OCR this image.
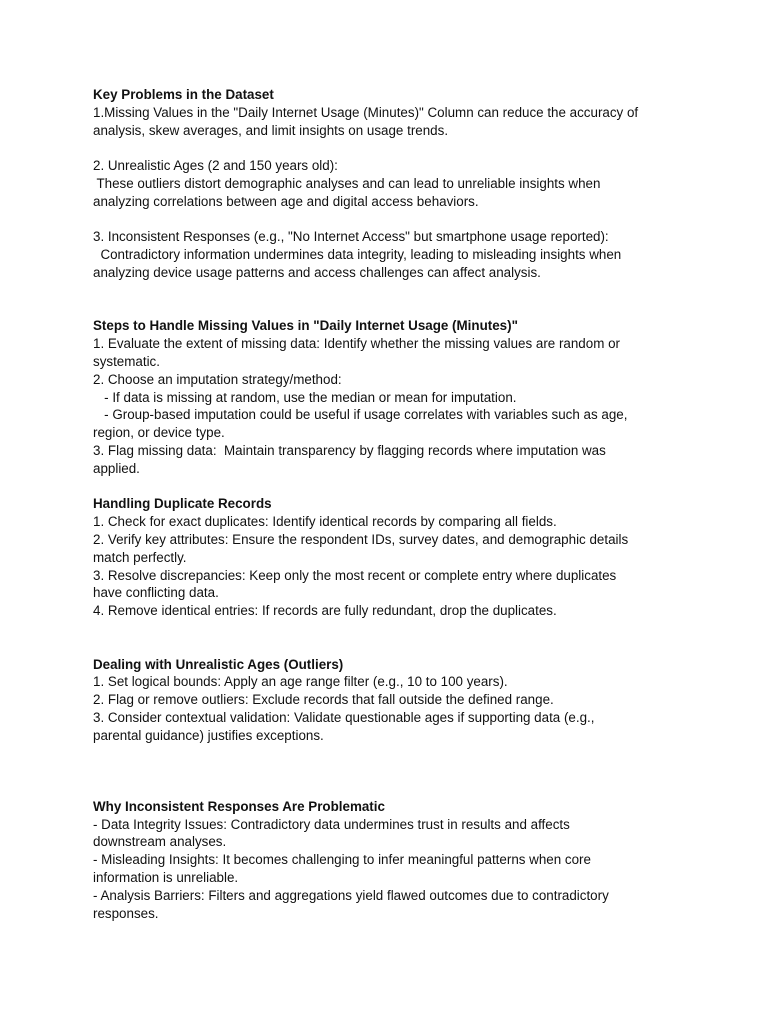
Key Problems in the Dataset
1.Missing Values in the "Daily Internet Usage (Minutes)" Column can reduce the accuracy of
analysis, skew averages, and limit insights on usage trends.
2. Unrealistic Ages (2 and 150 years old):
These outliers distort demographic analyses and can lead to unreliable insights when
analyzing correlations between age and digital access behaviors.
3. Inconsistent Responses (e.g., "No Internet Access" but smartphone usage reported):
Contradictory information undermines data integrity, leading to misleading insights when
analyzing device usage patterns and access challenges can affect analysis.
Steps to Handle Missing Values in "Daily Internet Usage (Minutes)"
1. Evaluate the extent of missing data: Identify whether the missing values are random or
systematic.
2. Choose an imputation strategy/method:
- If data is missing at random, use the median or mean for imputation.
- Group-based imputation could be useful if usage correlates with variables such as age,
region, or device type.
3. Flag missing data:  Maintain transparency by flagging records where imputation was
applied.
Handling Duplicate Records
1. Check for exact duplicates: Identify identical records by comparing all fields.
2. Verify key attributes: Ensure the respondent IDs, survey dates, and demographic details
match perfectly.
3. Resolve discrepancies: Keep only the most recent or complete entry where duplicates
have conflicting data.
4. Remove identical entries: If records are fully redundant, drop the duplicates.
Dealing with Unrealistic Ages (Outliers)
1. Set logical bounds: Apply an age range filter (e.g., 10 to 100 years).
2. Flag or remove outliers: Exclude records that fall outside the defined range.
3. Consider contextual validation: Validate questionable ages if supporting data (e.g.,
parental guidance) justifies exceptions.
Why Inconsistent Responses Are Problematic
- Data Integrity Issues: Contradictory data undermines trust in results and affects
downstream analyses.
- Misleading Insights: It becomes challenging to infer meaningful patterns when core
information is unreliable.
- Analysis Barriers: Filters and aggregations yield flawed outcomes due to contradictory
responses.
